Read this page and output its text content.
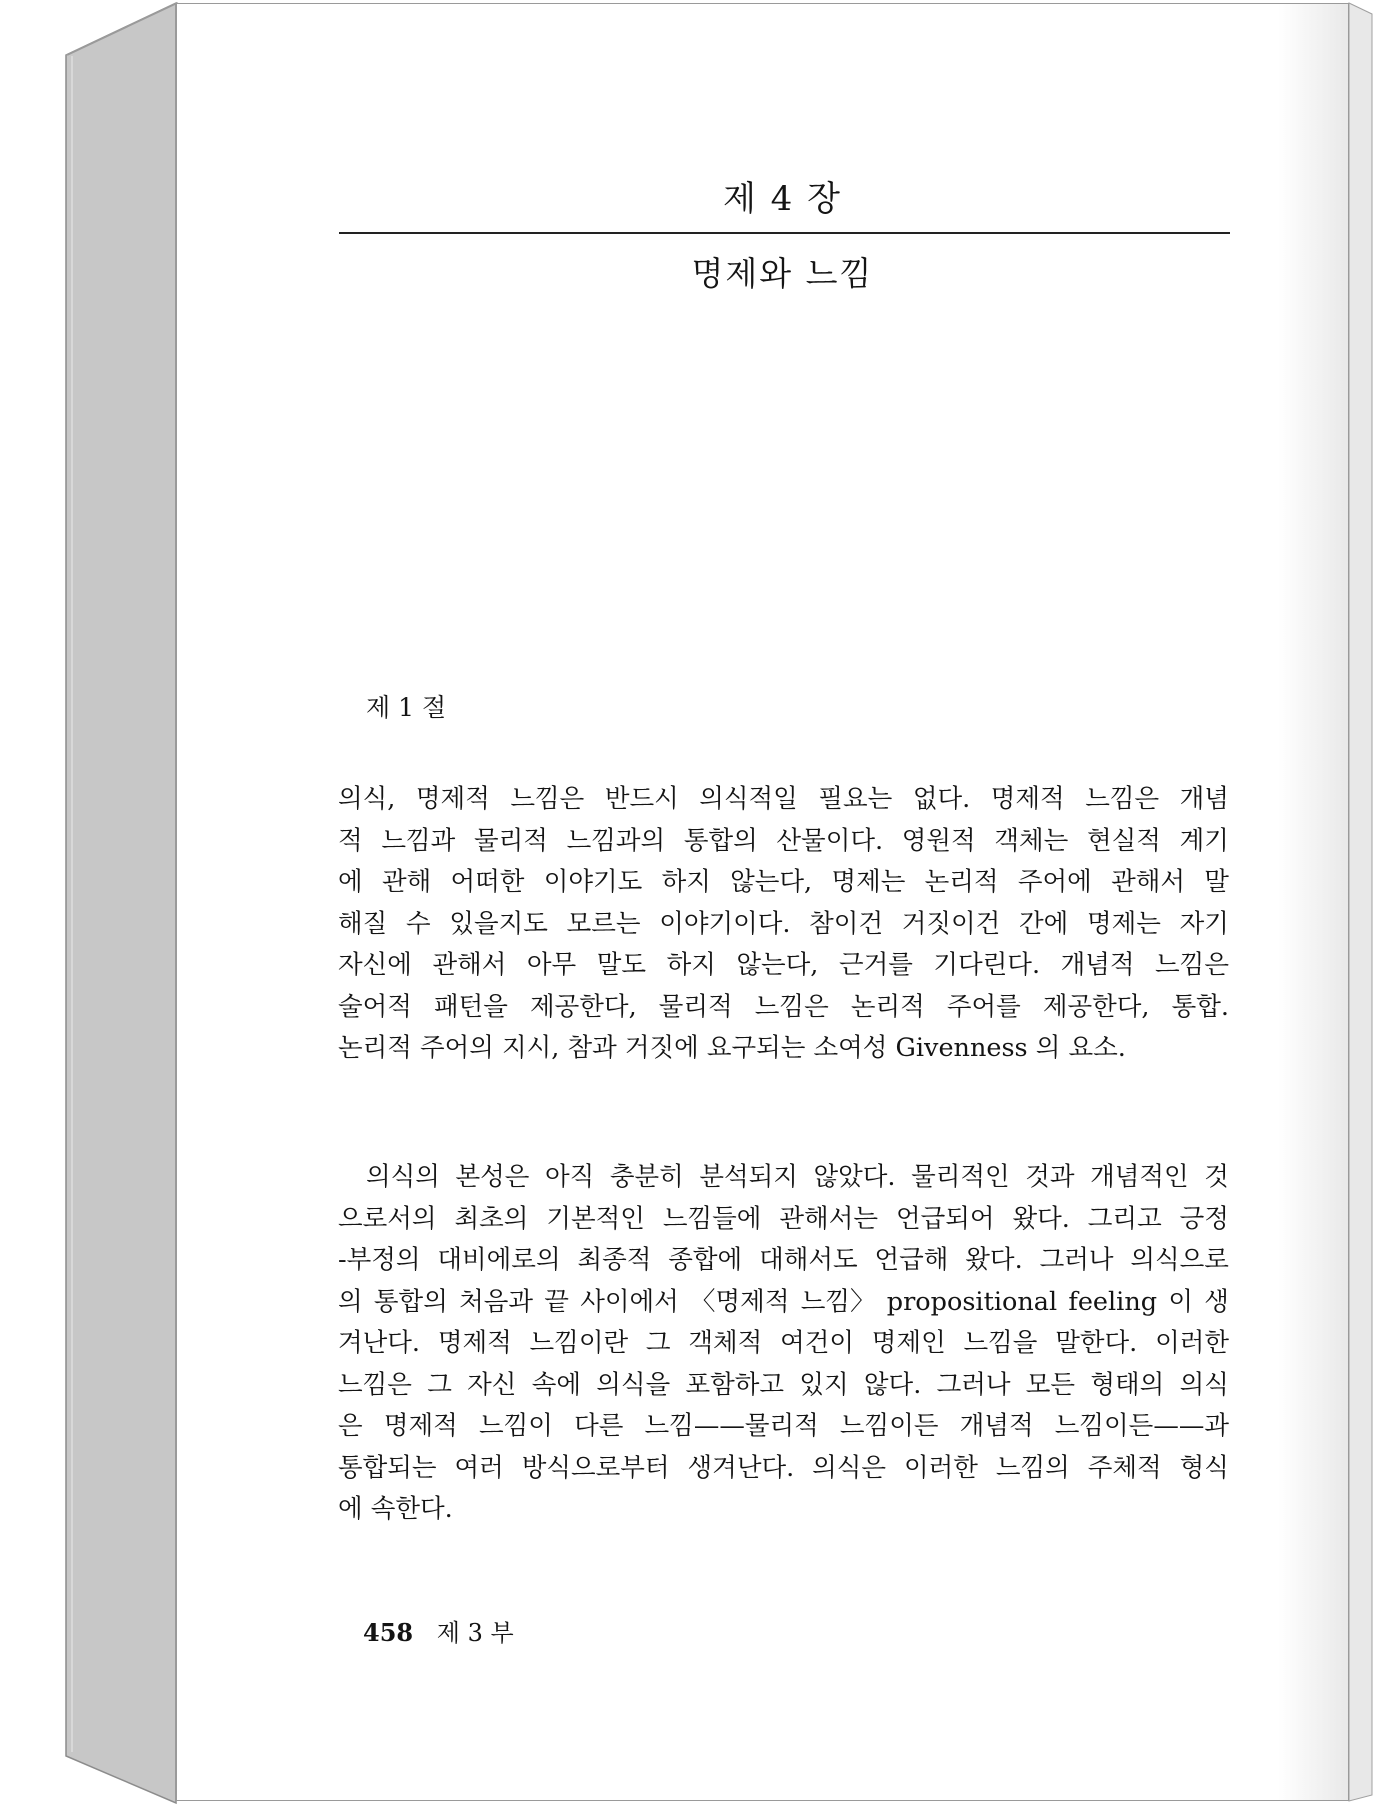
제 4 장
명제와 느낌
제 1 절
의식, 명제적 느낌은 반드시 의식적일 필요는 없다. 명제적 느낌은 개념
적 느낌과 물리적 느낌과의 통합의 산물이다. 영원적 객체는 현실적 계기
에 관해 어떠한 이야기도 하지 않는다, 명제는 논리적 주어에 관해서 말
해질 수 있을지도 모르는 이야기이다. 참이건 거짓이건 간에 명제는 자기
자신에 관해서 아무 말도 하지 않는다, 근거를 기다린다. 개념적 느낌은
술어적 패턴을 제공한다, 물리적 느낌은 논리적 주어를 제공한다, 통합.
논리적 주어의 지시, 참과 거짓에 요구되는 소여성 Givenness 의 요소.
의식의 본성은 아직 충분히 분석되지 않았다. 물리적인 것과 개념적인 것
으로서의 최초의 기본적인 느낌들에 관해서는 언급되어 왔다. 그리고 긍정
-부정의 대비에로의 최종적 종합에 대해서도 언급해 왔다. 그러나 의식으로
의 통합의 처음과 끝 사이에서 〈명제적 느낌〉 propositional feeling 이 생
겨난다. 명제적 느낌이란 그 객체적 여건이 명제인 느낌을 말한다. 이러한
느낌은 그 자신 속에 의식을 포함하고 있지 않다. 그러나 모든 형태의 의식
은 명제적 느낌이 다른 느낌——물리적 느낌이든 개념적 느낌이든——과
통합되는 여러 방식으로부터 생겨난다. 의식은 이러한 느낌의 주체적 형식
에 속한다.
458 제 3 부
